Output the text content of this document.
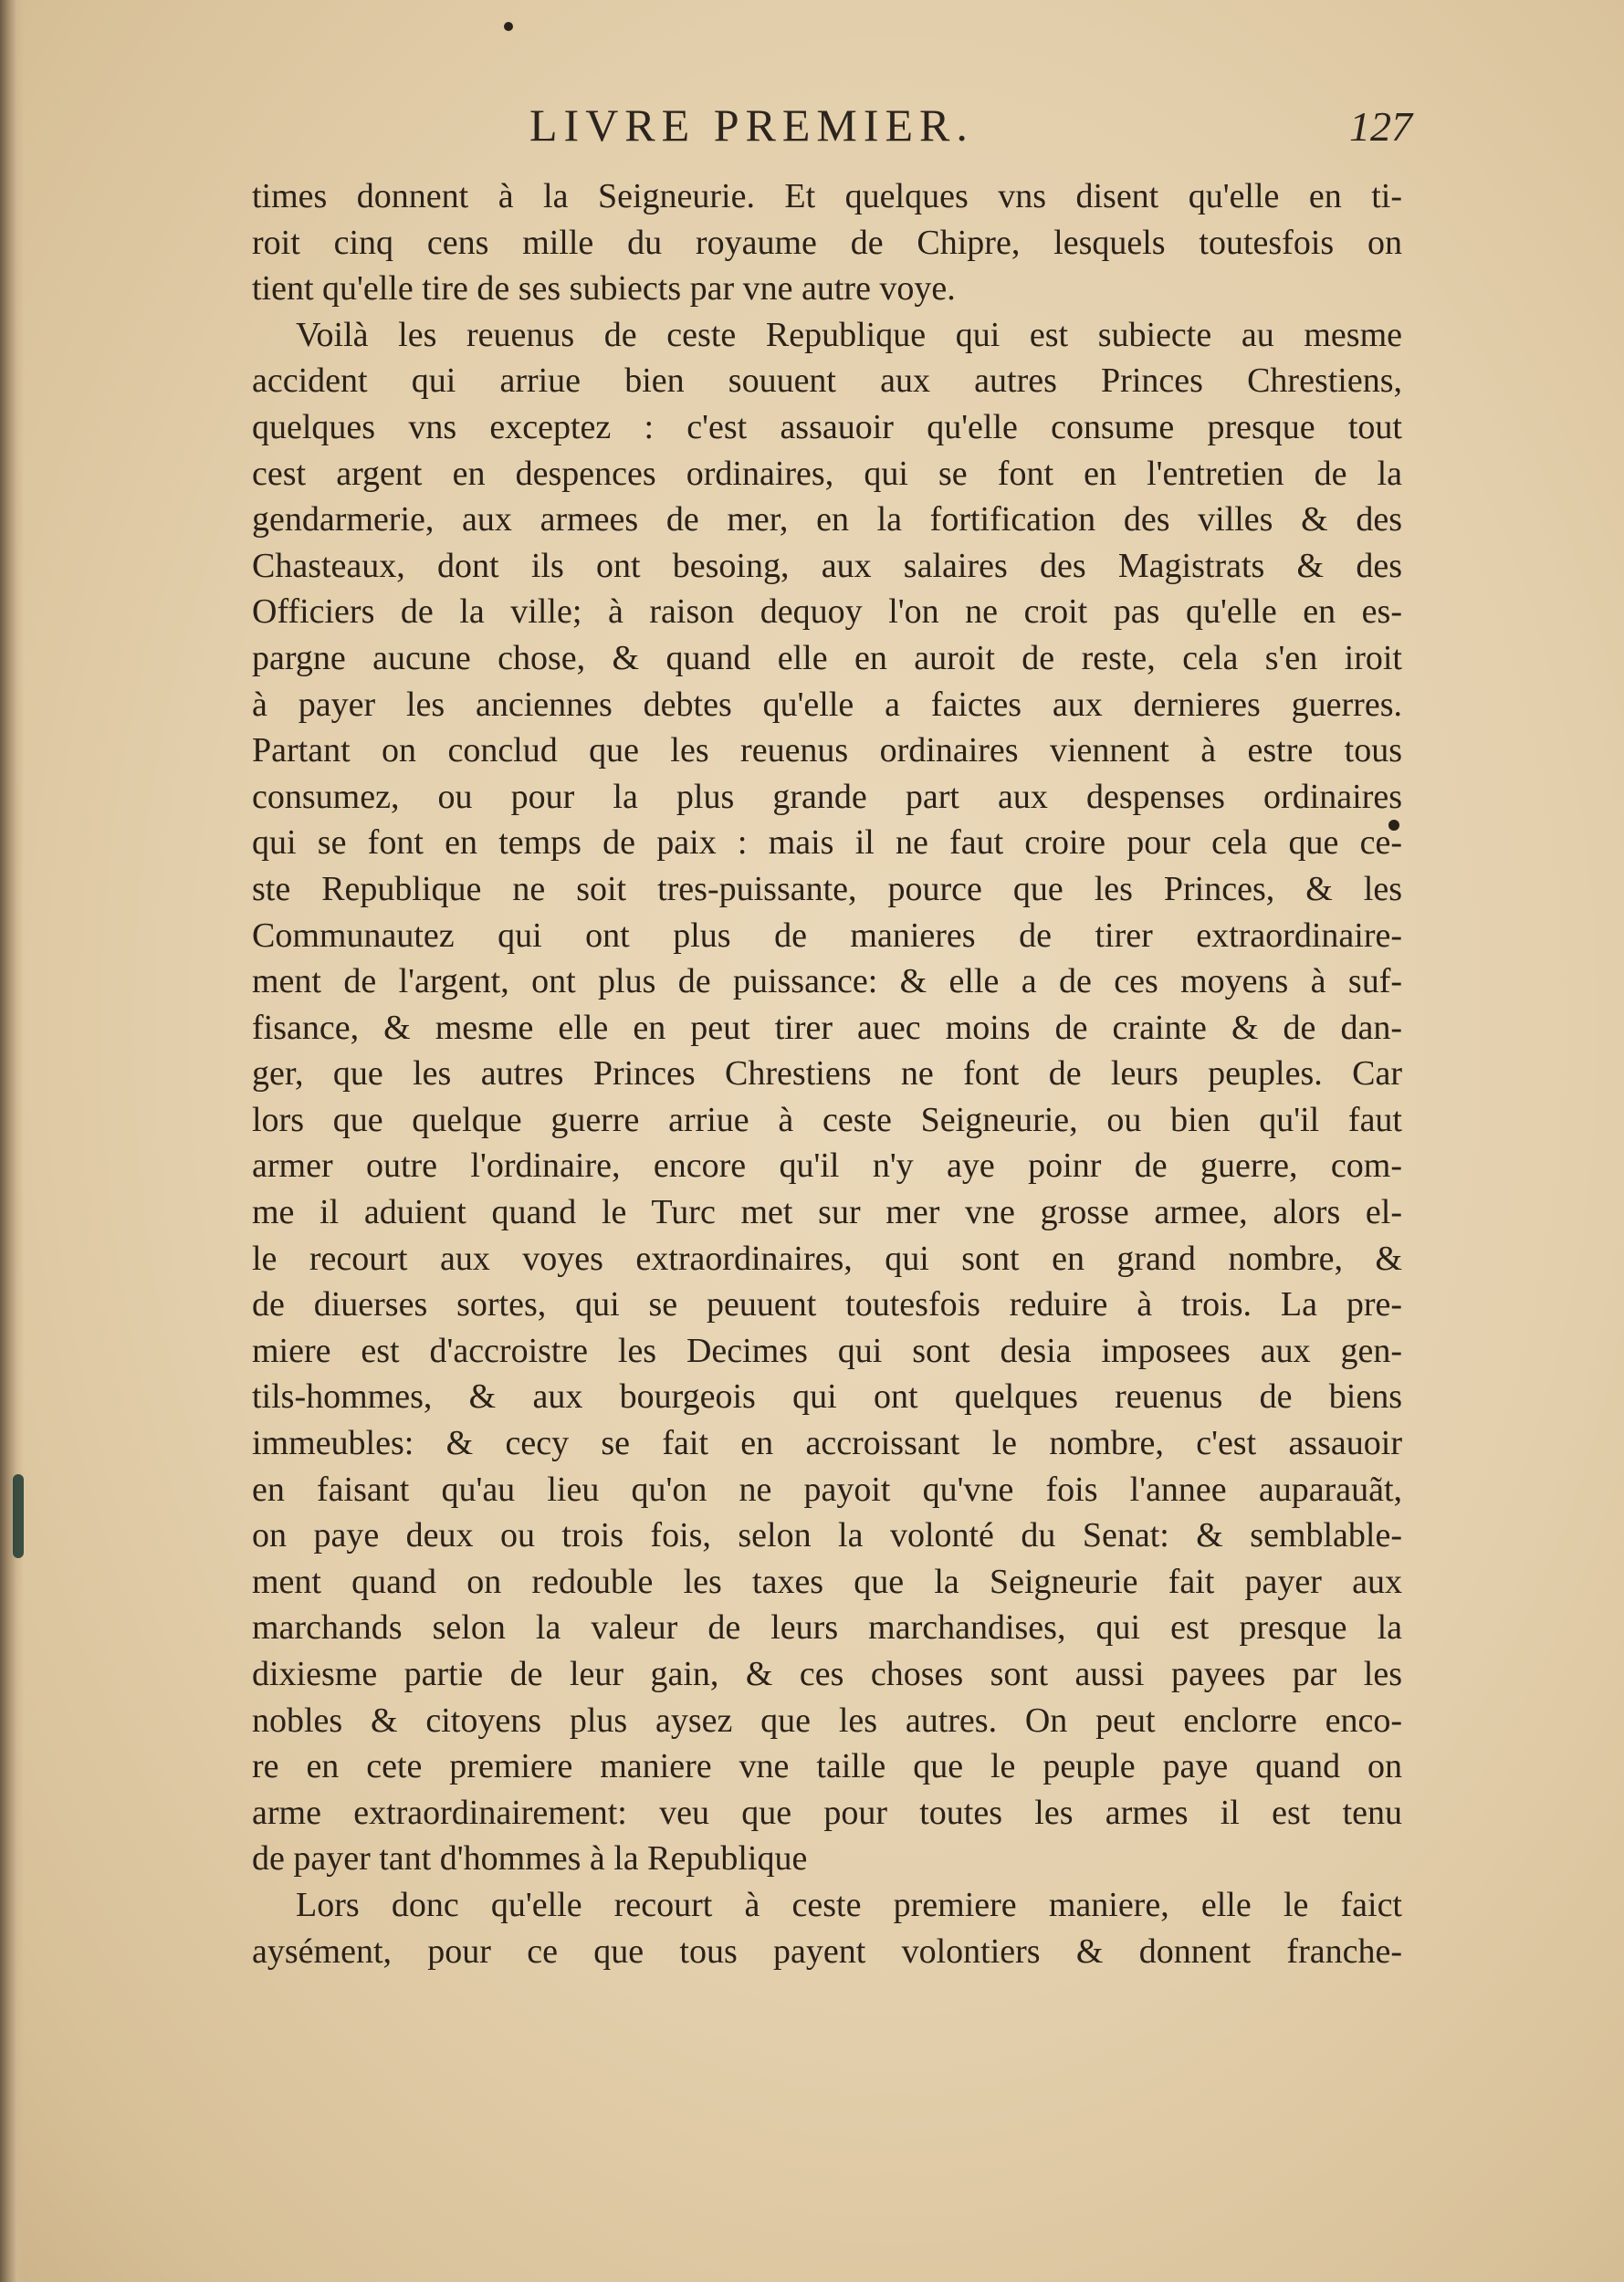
LIVRE PREMIER.	127
times donnent à la Seigneurie. Et quelques vns disent qu'elle en ti-
roit cinq cens mille du royaume de Chipre, lesquels toutesfois on
tient qu'elle tire de ses subiects par vne autre voye.
Voilà les reuenus de ceste Republique qui est subiecte au mesme
accident qui arriue bien souuent aux autres Princes Chrestiens,
quelques vns exceptez : c'est assauoir qu'elle consume presque tout
cest argent en despences ordinaires, qui se font en l'entretien de la
gendarmerie, aux armees de mer, en la fortification des villes & des
Chasteaux, dont ils ont besoing, aux salaires des Magistrats & des
Officiers de la ville; à raison dequoy l'on ne croit pas qu'elle en es-
pargne aucune chose, & quand elle en auroit de reste, cela s'en iroit
à payer les anciennes debtes qu'elle a faictes aux dernieres guerres.
Partant on conclud que les reuenus ordinaires viennent à estre tous
consumez, ou pour la plus grande part aux despenses ordinaires
qui se font en temps de paix : mais il ne faut croire pour cela que ce-
ste Republique ne soit tres-puissante, pource que les Princes, & les
Communautez qui ont plus de manieres de tirer extraordinaire-
ment de l'argent, ont plus de puissance: & elle a de ces moyens à suf-
fisance, & mesme elle en peut tirer auec moins de crainte & de dan-
ger, que les autres Princes Chrestiens ne font de leurs peuples. Car
lors que quelque guerre arriue à ceste Seigneurie, ou bien qu'il faut
armer outre l'ordinaire, encore qu'il n'y aye poinr de guerre, com-
me il aduient quand le Turc met sur mer vne grosse armee, alors el-
le recourt aux voyes extraordinaires, qui sont en grand nombre, &
de diuerses sortes, qui se peuuent toutesfois reduire à trois. La pre-
miere est d'accroistre les Decimes qui sont desia imposees aux gen-
tils-hommes, & aux bourgeois qui ont quelques reuenus de biens
immeubles: & cecy se fait en accroissant le nombre, c'est assauoir
en faisant qu'au lieu qu'on ne payoit qu'vne fois l'annee auparauãt,
on paye deux ou trois fois, selon la volonté du Senat: & semblable-
ment quand on redouble les taxes que la Seigneurie fait payer aux
marchands selon la valeur de leurs marchandises, qui est presque la
dixiesme partie de leur gain, & ces choses sont aussi payees par les
nobles & citoyens plus aysez que les autres. On peut enclorre enco-
re en cete premiere maniere vne taille que le peuple paye quand on
arme extraordinairement: veu que pour toutes les armes il est tenu
de payer tant d'hommes à la Republique
Lors donc qu'elle recourt à ceste premiere maniere, elle le faict
aysément, pour ce que tous payent volontiers & donnent franche-
